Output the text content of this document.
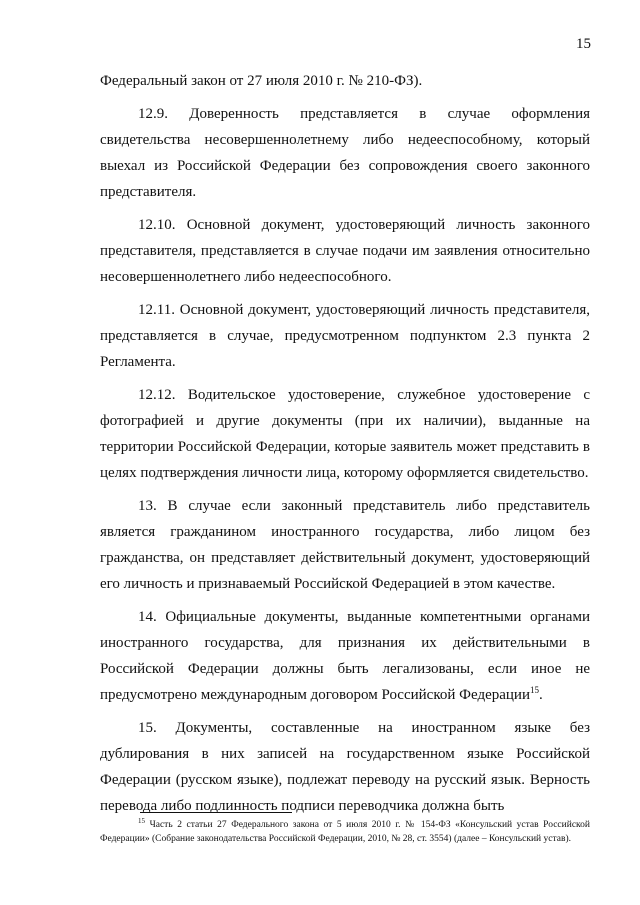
15

Федеральный закон от 27 июля 2010 г. № 210-ФЗ).

12.9. Доверенность представляется в случае оформления свидетельства несовершеннолетнему либо недееспособному, который выехал из Российской Федерации без сопровождения своего законного представителя.

12.10. Основной документ, удостоверяющий личность законного представителя, представляется в случае подачи им заявления относительно несовершеннолетнего либо недееспособного.

12.11. Основной документ, удостоверяющий личность представителя, представляется в случае, предусмотренном подпунктом 2.3 пункта 2 Регламента.

12.12. Водительское удостоверение, служебное удостоверение с фотографией и другие документы (при их наличии), выданные на территории Российской Федерации, которые заявитель может представить в целях подтверждения личности лица, которому оформляется свидетельство.

13. В случае если законный представитель либо представитель является гражданином иностранного государства, либо лицом без гражданства, он представляет действительный документ, удостоверяющий его личность и признаваемый Российской Федерацией в этом качестве.

14. Официальные документы, выданные компетентными органами иностранного государства, для признания их действительными в Российской Федерации должны быть легализованы, если иное не предусмотрено международным договором Российской Федерации$^{15}$.

15. Документы, составленные на иностранном языке без дублирования в них записей на государственном языке Российской Федерации (русском языке), подлежат переводу на русский язык. Верность перевода либо подлинность подписи переводчика должна быть

$^{15}$ Часть 2 статьи 27 Федерального закона от 5 июля 2010 г. № 154-ФЗ «Консульский устав Российской Федерации» (Собрание законодательства Российской Федерации, 2010, № 28, ст. 3554) (далее – Консульский устав).
